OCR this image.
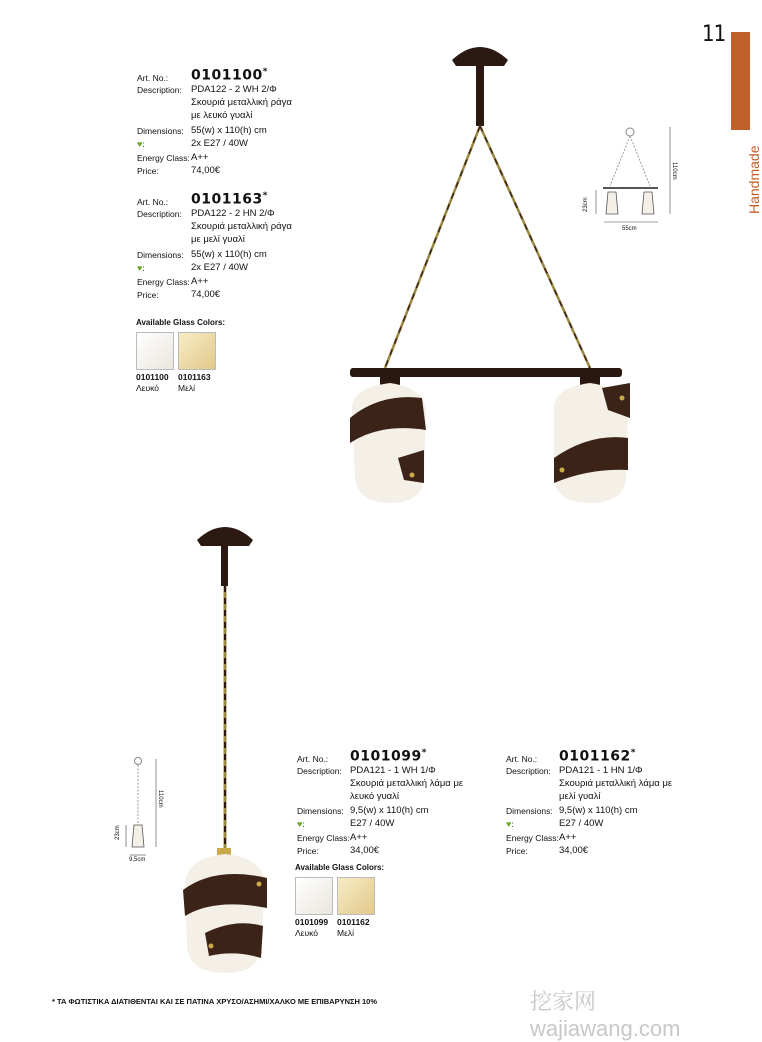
11
Handmade
Art. No.: 0101100*
Description: PDA122 - 2 WH 2/Φ
Σκουριά μεταλλική ράγα
με λευκό γυαλί
Dimensions: 55(w) x 110(h) cm
♥:	2x E27 / 40W
Energy Class: A++
Price:	74,00€
Art. No.: 0101163*
Description: PDA122 - 2 HN 2/Φ
Σκουριά μεταλλική ράγα
με μελί γυαλί
Dimensions: 55(w) x 110(h) cm
♥:	2x E27 / 40W
Energy Class: A++
Price:	74,00€
Available Glass Colors:
0101100 0101163
Λευκό Μελί
110cm
23cm
55cm
110cm
23cm
9,5cm
Art. No.: 0101099*
Description: PDA121 - 1 WH 1/Φ
Σκουριά μεταλλική λάμα με
λευκό γυαλί
Dimensions: 9,5(w) x 110(h) cm
♥:	E27 / 40W
Energy Class: A++
Price:	34,00€
Art. No.: 0101162*
Description: PDA121 - 1 HN 1/Φ
Σκουριά μεταλλική λάμα με
μελί γυαλί
Dimensions: 9,5(w) x 110(h) cm
♥:	E27 / 40W
Energy Class: A++
Price:	34,00€
Available Glass Colors:
0101099 0101162
Λευκό Μελί
* ΤΑ ΦΩΤΙΣΤΙΚΑ ΔΙΑΤΙΘΕΝΤΑΙ ΚΑΙ ΣΕ ΠΑΤΙΝΑ ΧΡΥΣΟ/ΑΣΗΜΙ/ΧΑΛΚΟ ΜΕ ΕΠΙΒΑΡΥΝΣΗ 10%	挖家网 wajiawang.com
